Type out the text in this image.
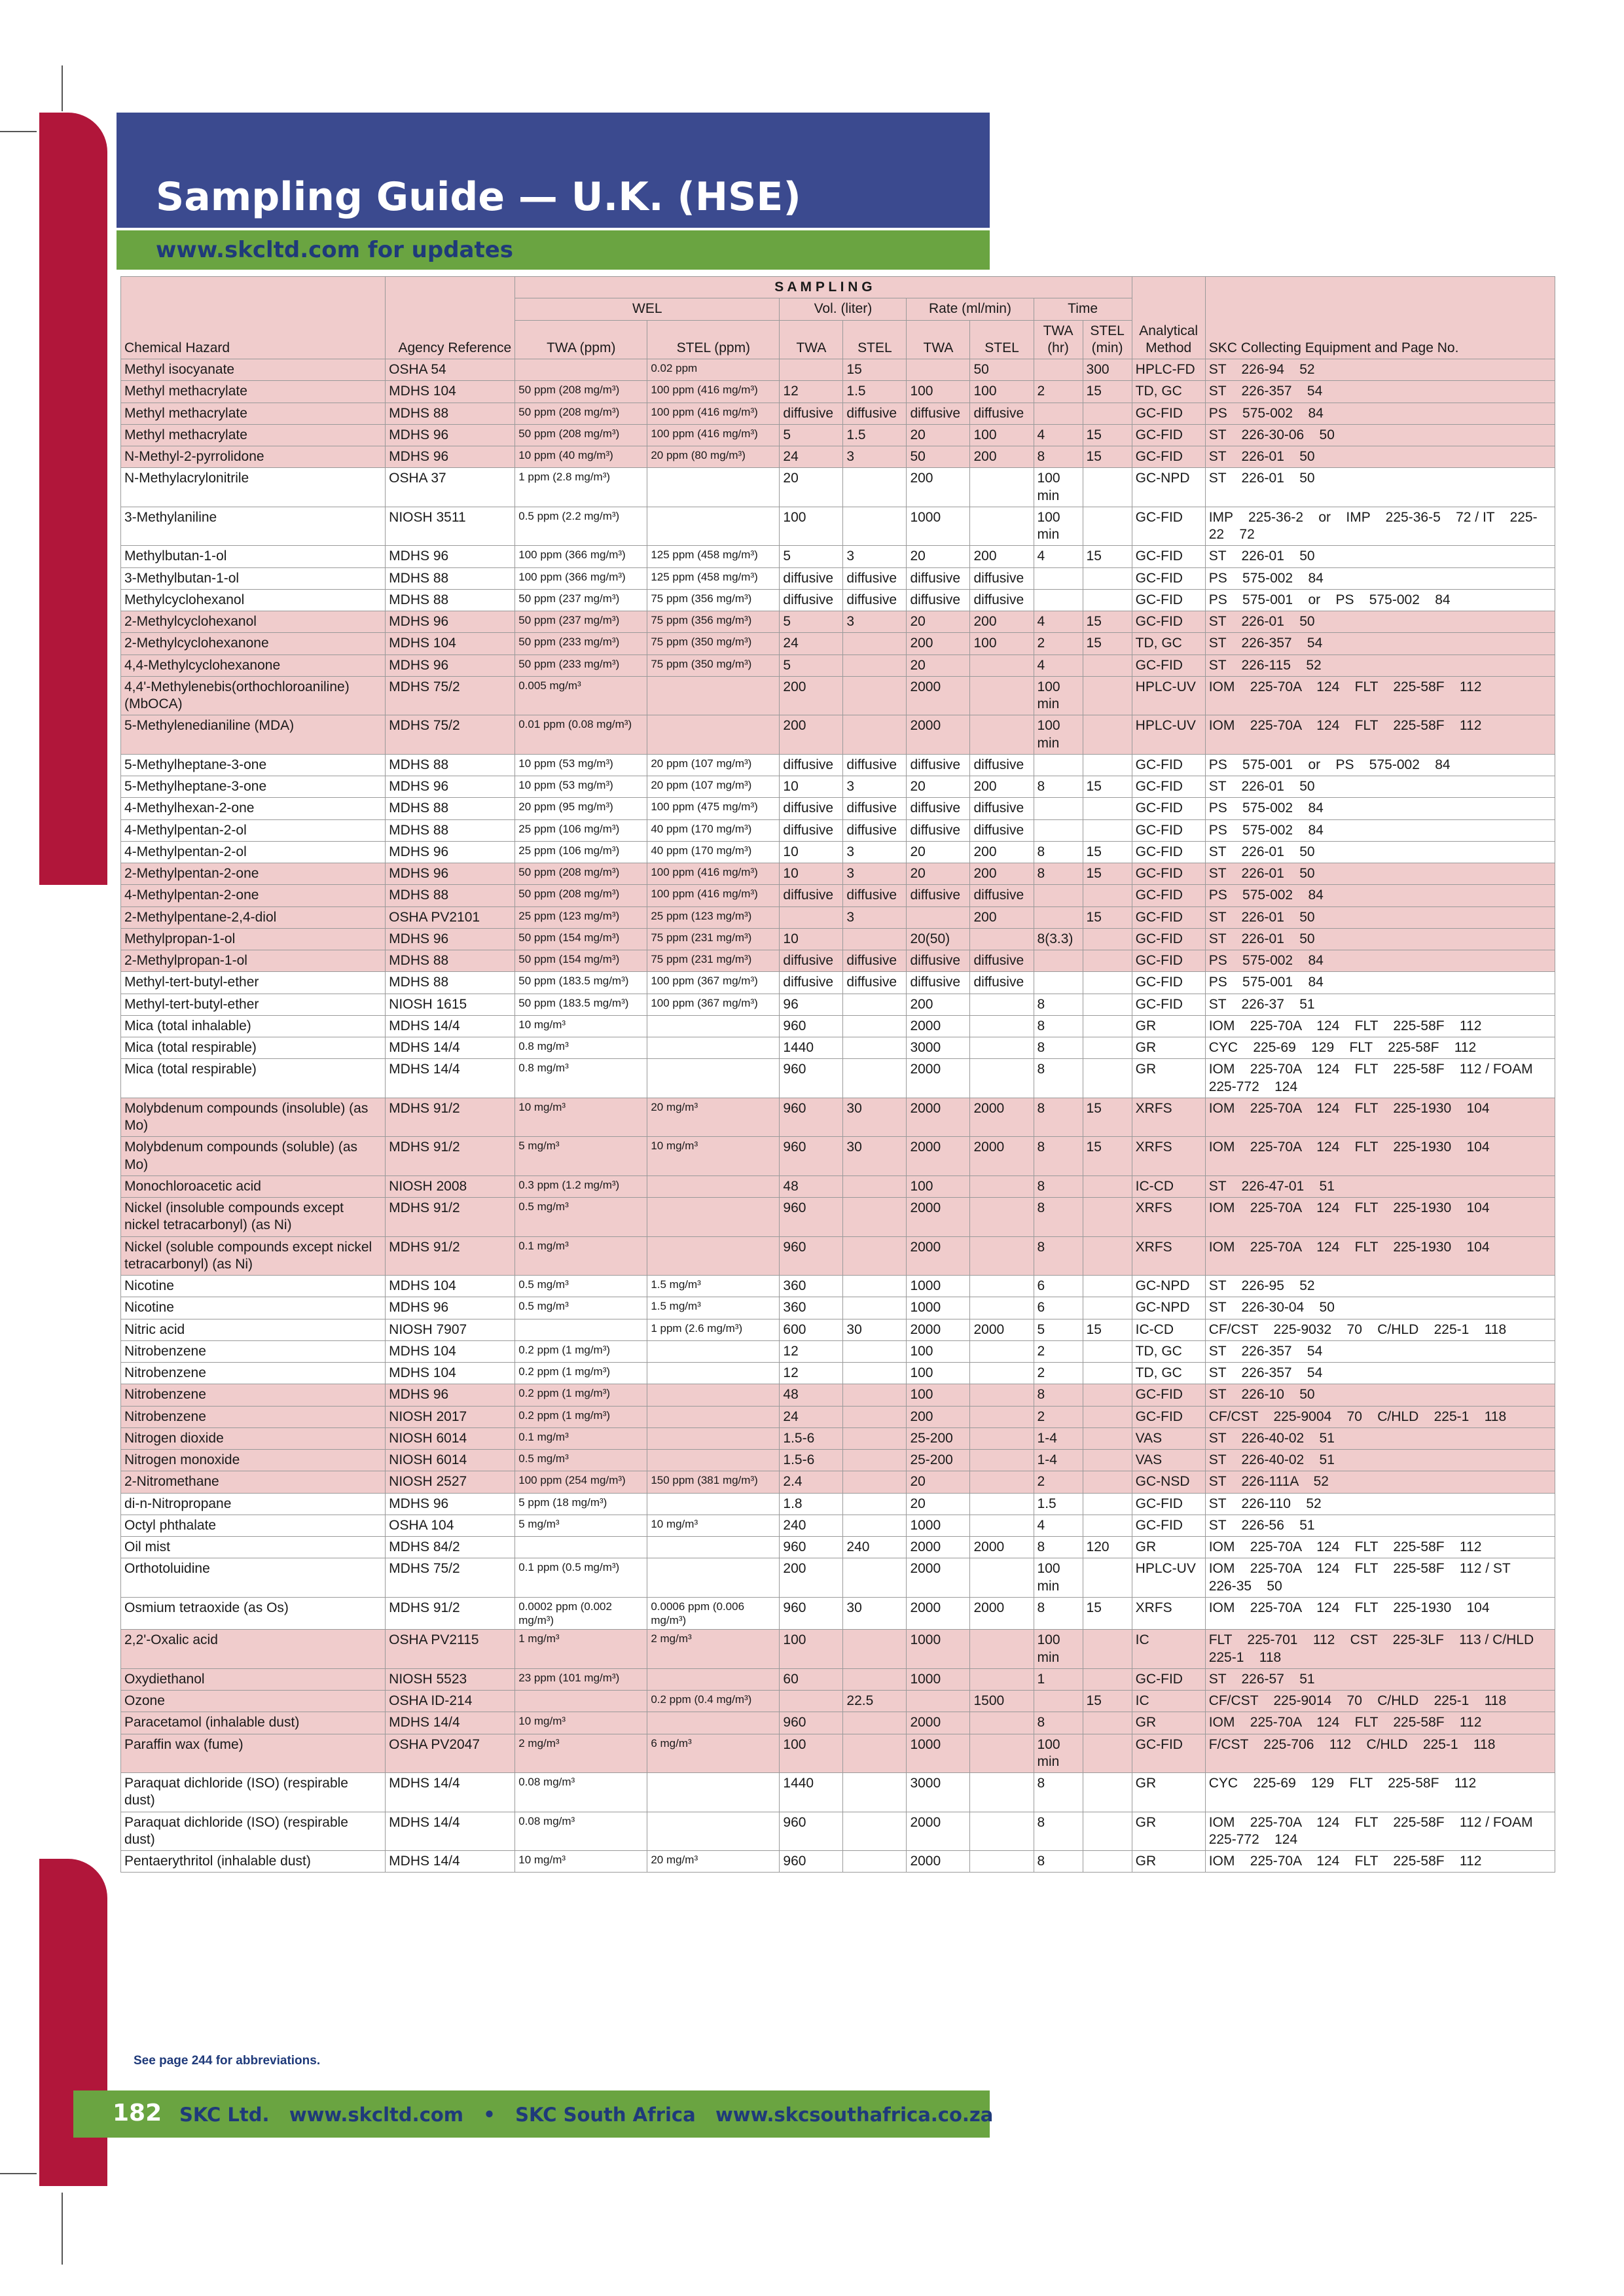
Sampling Guide — U.K. (HSE)
www.skcltd.com for updates
Chemical Hazard	Agency Reference	S A M P L I N G								Analytical Method	SKC Collecting Equipment and Page No.
		WEL		Vol. (liter)		Rate (ml/min)		Time			
		TWA (ppm)	STEL (ppm)	TWA	STEL	TWA	STEL	TWA (hr)	STEL (min)		

Methyl isocyanate	OSHA 54		0.02 ppm		15		50		300	HPLC-FD	ST    226-94    52
Methyl methacrylate	MDHS 104	50 ppm (208 mg/m³)	100 ppm (416 mg/m³)	12	1.5	100	100	2	15	TD, GC	ST    226-357    54
Methyl methacrylate	MDHS 88	50 ppm (208 mg/m³)	100 ppm (416 mg/m³)	diffusive	diffusive	diffusive	diffusive			GC-FID	PS    575-002    84
Methyl methacrylate	MDHS 96	50 ppm (208 mg/m³)	100 ppm (416 mg/m³)	5	1.5	20	100	4	15	GC-FID	ST    226-30-06    50
N-Methyl-2-pyrrolidone	MDHS 96	10 ppm (40 mg/m³)	20 ppm (80 mg/m³)	24	3	50	200	8	15	GC-FID	ST    226-01    50
N-Methylacrylonitrile	OSHA 37	1 ppm (2.8 mg/m³)		20		200		100 min		GC-NPD	ST    226-01    50
3-Methylaniline	NIOSH 3511	0.5 ppm (2.2 mg/m³)		100		1000		100 min		GC-FID	IMP    225-36-2    or    IMP    225-36-5    72 / IT    225-22    72
Methylbutan-1-ol	MDHS 96	100 ppm (366 mg/m³)	125 ppm (458 mg/m³)	5	3	20	200	4	15	GC-FID	ST    226-01    50
3-Methylbutan-1-ol	MDHS 88	100 ppm (366 mg/m³)	125 ppm (458 mg/m³)	diffusive	diffusive	diffusive	diffusive			GC-FID	PS    575-002    84
Methylcyclohexanol	MDHS 88	50 ppm (237 mg/m³)	75 ppm (356 mg/m³)	diffusive	diffusive	diffusive	diffusive			GC-FID	PS    575-001    or    PS    575-002    84
2-Methylcyclohexanol	MDHS 96	50 ppm (237 mg/m³)	75 ppm (356 mg/m³)	5	3	20	200	4	15	GC-FID	ST    226-01    50
2-Methylcyclohexanone	MDHS 104	50 ppm (233 mg/m³)	75 ppm (350 mg/m³)	24		200	100	2	15	TD, GC	ST    226-357    54
4,4-Methylcyclohexanone	MDHS 96	50 ppm (233 mg/m³)	75 ppm (350 mg/m³)	5		20		4		GC-FID	ST    226-115    52
4,4'-Methylenebis(orthochloroaniline) (MbOCA)	MDHS 75/2	0.005 mg/m³		200		2000		100 min		HPLC-UV	IOM    225-70A    124    FLT    225-58F    112
5-Methylenedianiline (MDA)	MDHS 75/2	0.01 ppm (0.08 mg/m³)		200		2000		100 min		HPLC-UV	IOM    225-70A    124    FLT    225-58F    112
5-Methylheptane-3-one	MDHS 88	10 ppm (53 mg/m³)	20 ppm (107 mg/m³)	diffusive	diffusive	diffusive	diffusive			GC-FID	PS    575-001    or    PS    575-002    84
5-Methylheptane-3-one	MDHS 96	10 ppm (53 mg/m³)	20 ppm (107 mg/m³)	10	3	20	200	8	15	GC-FID	ST    226-01    50
4-Methylhexan-2-one	MDHS 88	20 ppm (95 mg/m³)	100 ppm (475 mg/m³)	diffusive	diffusive	diffusive	diffusive			GC-FID	PS    575-002    84
4-Methylpentan-2-ol	MDHS 88	25 ppm (106 mg/m³)	40 ppm (170 mg/m³)	diffusive	diffusive	diffusive	diffusive			GC-FID	PS    575-002    84
4-Methylpentan-2-ol	MDHS 96	25 ppm (106 mg/m³)	40 ppm (170 mg/m³)	10	3	20	200	8	15	GC-FID	ST    226-01    50
2-Methylpentan-2-one	MDHS 96	50 ppm (208 mg/m³)	100 ppm (416 mg/m³)	10	3	20	200	8	15	GC-FID	ST    226-01    50
4-Methylpentan-2-one	MDHS 88	50 ppm (208 mg/m³)	100 ppm (416 mg/m³)	diffusive	diffusive	diffusive	diffusive			GC-FID	PS    575-002    84
2-Methylpentane-2,4-diol	OSHA PV2101	25 ppm (123 mg/m³)	25 ppm (123 mg/m³)		3		200		15	GC-FID	ST    226-01    50
Methylpropan-1-ol	MDHS 96	50 ppm (154 mg/m³)	75 ppm (231 mg/m³)	10		20(50)		8(3.3)		GC-FID	ST    226-01    50
2-Methylpropan-1-ol	MDHS 88	50 ppm (154 mg/m³)	75 ppm (231 mg/m³)	diffusive	diffusive	diffusive	diffusive			GC-FID	PS    575-002    84
Methyl-tert-butyl-ether	MDHS 88	50 ppm (183.5 mg/m³)	100 ppm (367 mg/m³)	diffusive	diffusive	diffusive	diffusive			GC-FID	PS    575-001    84
Methyl-tert-butyl-ether	NIOSH 1615	50 ppm (183.5 mg/m³)	100 ppm (367 mg/m³)	96		200		8		GC-FID	ST    226-37    51
Mica (total inhalable)	MDHS 14/4	10 mg/m³		960		2000		8		GR	IOM    225-70A    124    FLT    225-58F    112
Mica (total respirable)	MDHS 14/4	0.8 mg/m³		1440		3000		8		GR	CYC    225-69    129    FLT    225-58F    112
Mica (total respirable)	MDHS 14/4	0.8 mg/m³		960		2000		8		GR	IOM    225-70A    124    FLT    225-58F    112 / FOAM    225-772    124
Molybdenum compounds (insoluble) (as Mo)	MDHS 91/2	10 mg/m³	20 mg/m³	960	30	2000	2000	8	15	XRFS	IOM    225-70A    124    FLT    225-1930    104
Molybdenum compounds (soluble) (as Mo)	MDHS 91/2	5 mg/m³	10 mg/m³	960	30	2000	2000	8	15	XRFS	IOM    225-70A    124    FLT    225-1930    104
Monochloroacetic acid	NIOSH 2008	0.3 ppm (1.2 mg/m³)		48		100		8		IC-CD	ST    226-47-01    51
Nickel (insoluble compounds except nickel tetracarbonyl) (as Ni)	MDHS 91/2	0.5 mg/m³		960		2000		8		XRFS	IOM    225-70A    124    FLT    225-1930    104
Nickel (soluble compounds except nickel tetracarbonyl) (as Ni)	MDHS 91/2	0.1 mg/m³		960		2000		8		XRFS	IOM    225-70A    124    FLT    225-1930    104
Nicotine	MDHS 104	0.5 mg/m³	1.5 mg/m³	360		1000		6		GC-NPD	ST    226-95    52
Nicotine	MDHS 96	0.5 mg/m³	1.5 mg/m³	360		1000		6		GC-NPD	ST    226-30-04    50
Nitric acid	NIOSH 7907		1 ppm (2.6 mg/m³)	600	30	2000	2000	5	15	IC-CD	CF/CST    225-9032    70    C/HLD    225-1    118
Nitrobenzene	MDHS 104	0.2 ppm (1 mg/m³)		12		100		2		TD, GC	ST    226-357    54
Nitrobenzene	MDHS 104	0.2 ppm (1 mg/m³)		12		100		2		TD, GC	ST    226-357    54
Nitrobenzene	MDHS 96	0.2 ppm (1 mg/m³)		48		100		8		GC-FID	ST    226-10    50
Nitrobenzene	NIOSH 2017	0.2 ppm (1 mg/m³)		24		200		2		GC-FID	CF/CST    225-9004    70    C/HLD    225-1    118
Nitrogen dioxide	NIOSH 6014	0.1 mg/m³		1.5-6		25-200		1-4		VAS	ST    226-40-02    51
Nitrogen monoxide	NIOSH 6014	0.5 mg/m³		1.5-6		25-200		1-4		VAS	ST    226-40-02    51
2-Nitromethane	NIOSH 2527	100 ppm (254 mg/m³)	150 ppm (381 mg/m³)	2.4		20		2		GC-NSD	ST    226-111A    52
di-n-Nitropropane	MDHS 96	5 ppm (18 mg/m³)		1.8		20		1.5		GC-FID	ST    226-110    52
Octyl phthalate	OSHA 104	5 mg/m³	10 mg/m³	240		1000		4		GC-FID	ST    226-56    51
Oil mist	MDHS 84/2			960	240	2000	2000	8	120	GR	IOM    225-70A    124    FLT    225-58F    112
Orthotoluidine	MDHS 75/2	0.1 ppm (0.5 mg/m³)		200		2000		100 min		HPLC-UV	IOM    225-70A    124    FLT    225-58F    112 / ST    226-35    50
Osmium tetraoxide (as Os)	MDHS 91/2	0.0002 ppm (0.002 mg/m³)	0.0006 ppm (0.006 mg/m³)	960	30	2000	2000	8	15	XRFS	IOM    225-70A    124    FLT    225-1930    104
2,2'-Oxalic acid	OSHA PV2115	1 mg/m³	2 mg/m³	100		1000		100 min		IC	FLT    225-701    112    CST    225-3LF    113 / C/HLD    225-1    118
Oxydiethanol	NIOSH 5523	23 ppm (101 mg/m³)		60		1000		1		GC-FID	ST    226-57    51
Ozone	OSHA ID-214		0.2 ppm (0.4 mg/m³)		22.5		1500		15	IC	CF/CST    225-9014    70    C/HLD    225-1    118
Paracetamol (inhalable dust)	MDHS 14/4	10 mg/m³		960		2000		8		GR	IOM    225-70A    124    FLT    225-58F    112
Paraffin wax (fume)	OSHA PV2047	2 mg/m³	6 mg/m³	100		1000		100 min		GC-FID	F/CST    225-706    112    C/HLD    225-1    118
Paraquat dichloride (ISO) (respirable dust)	MDHS 14/4	0.08 mg/m³		1440		3000		8		GR	CYC    225-69    129    FLT    225-58F    112
Paraquat dichloride (ISO) (respirable dust)	MDHS 14/4	0.08 mg/m³		960		2000		8		GR	IOM    225-70A    124    FLT    225-58F    112 / FOAM    225-772    124
Pentaerythritol (inhalable dust)	MDHS 14/4	10 mg/m³	20 mg/m³	960		2000		8		GR	IOM    225-70A    124    FLT    225-58F    112
See page 244 for abbreviations.
182 SKC Ltd.   www.skcltd.com   •   SKC South Africa   www.skcsouthafrica.co.za
